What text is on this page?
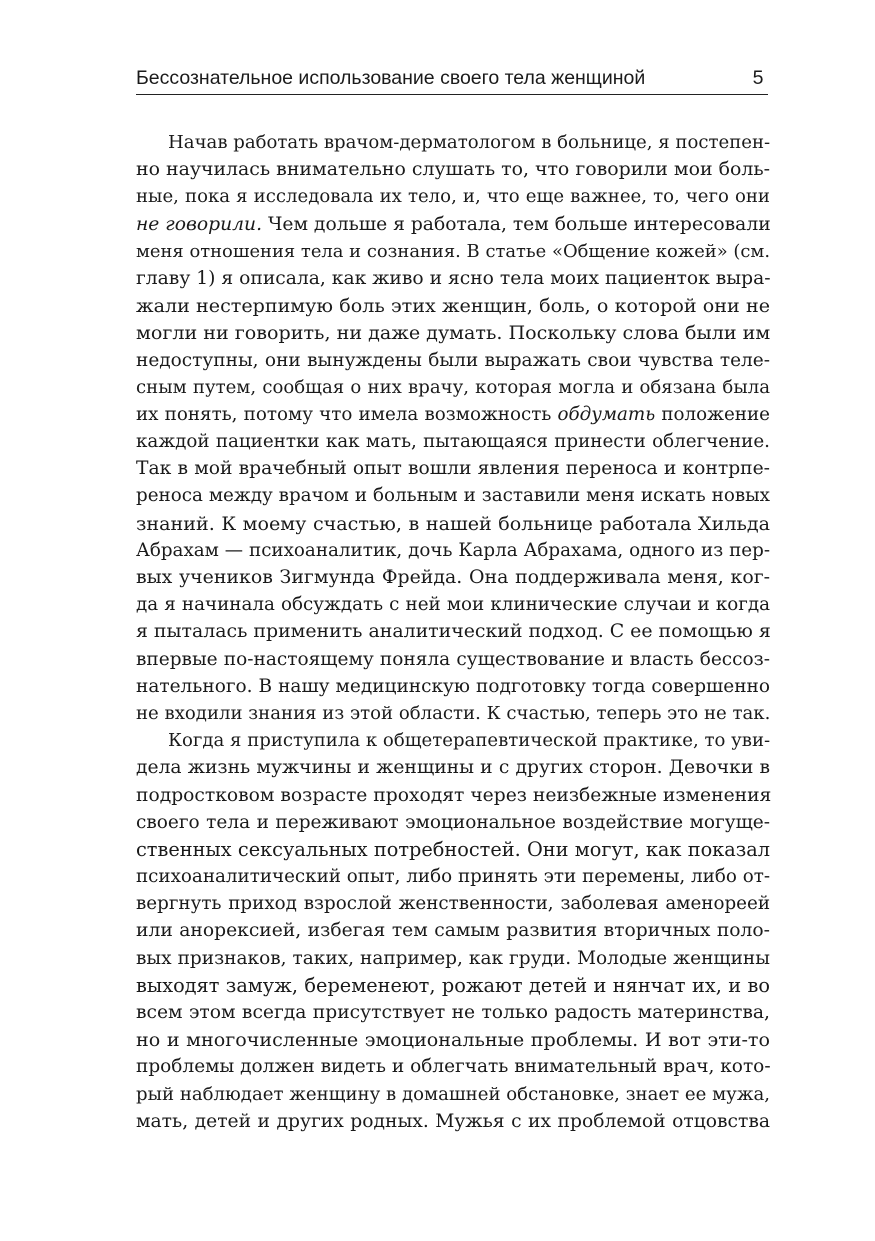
Бессознательное использование своего тела женщиной	5
Начав работать врачом-дерматологом в больнице, я постепен-
но научилась внимательно слушать то, что говорили мои боль-
ные, пока я исследовала их тело, и, что еще важнее, то, чего они
не говорили. Чем дольше я работала, тем больше интересовали
меня отношения тела и сознания. В статье «Общение кожей» (см.
главу 1) я описала, как живо и ясно тела моих пациенток выра-
жали нестерпимую боль этих женщин, боль, о которой они не
могли ни говорить, ни даже думать. Поскольку слова были им
недоступны, они вынуждены были выражать свои чувства теле-
сным путем, сообщая о них врачу, которая могла и обязана была
их понять, потому что имела возможность обдумать положение
каждой пациентки как мать, пытающаяся принести облегчение.
Так в мой врачебный опыт вошли явления переноса и контрпе-
реноса между врачом и больным и заставили меня искать новых
знаний. К моему счастью, в нашей больнице работала Хильда
Абрахам — психоаналитик, дочь Карла Абрахама, одного из пер-
вых учеников Зигмунда Фрейда. Она поддерживала меня, ког-
да я начинала обсуждать с ней мои клинические случаи и когда
я пыталась применить аналитический подход. С ее помощью я
впервые по-настоящему поняла существование и власть бессоз-
нательного. В нашу медицинскую подготовку тогда совершенно
не входили знания из этой области. К счастью, теперь это не так.
Когда я приступила к общетерапевтической практике, то уви-
дела жизнь мужчины и женщины и с других сторон. Девочки в
подростковом возрасте проходят через неизбежные изменения
своего тела и переживают эмоциональное воздействие могуще-
ственных сексуальных потребностей. Они могут, как показал
психоаналитический опыт, либо принять эти перемены, либо от-
вергнуть приход взрослой женственности, заболевая аменореей
или анорексией, избегая тем самым развития вторичных поло-
вых признаков, таких, например, как груди. Молодые женщины
выходят замуж, беременеют, рожают детей и нянчат их, и во
всем этом всегда присутствует не только радость материнства,
но и многочисленные эмоциональные проблемы. И вот эти-то
проблемы должен видеть и облегчать внимательный врач, кото-
рый наблюдает женщину в домашней обстановке, знает ее мужа,
мать, детей и других родных. Мужья с их проблемой отцовства
